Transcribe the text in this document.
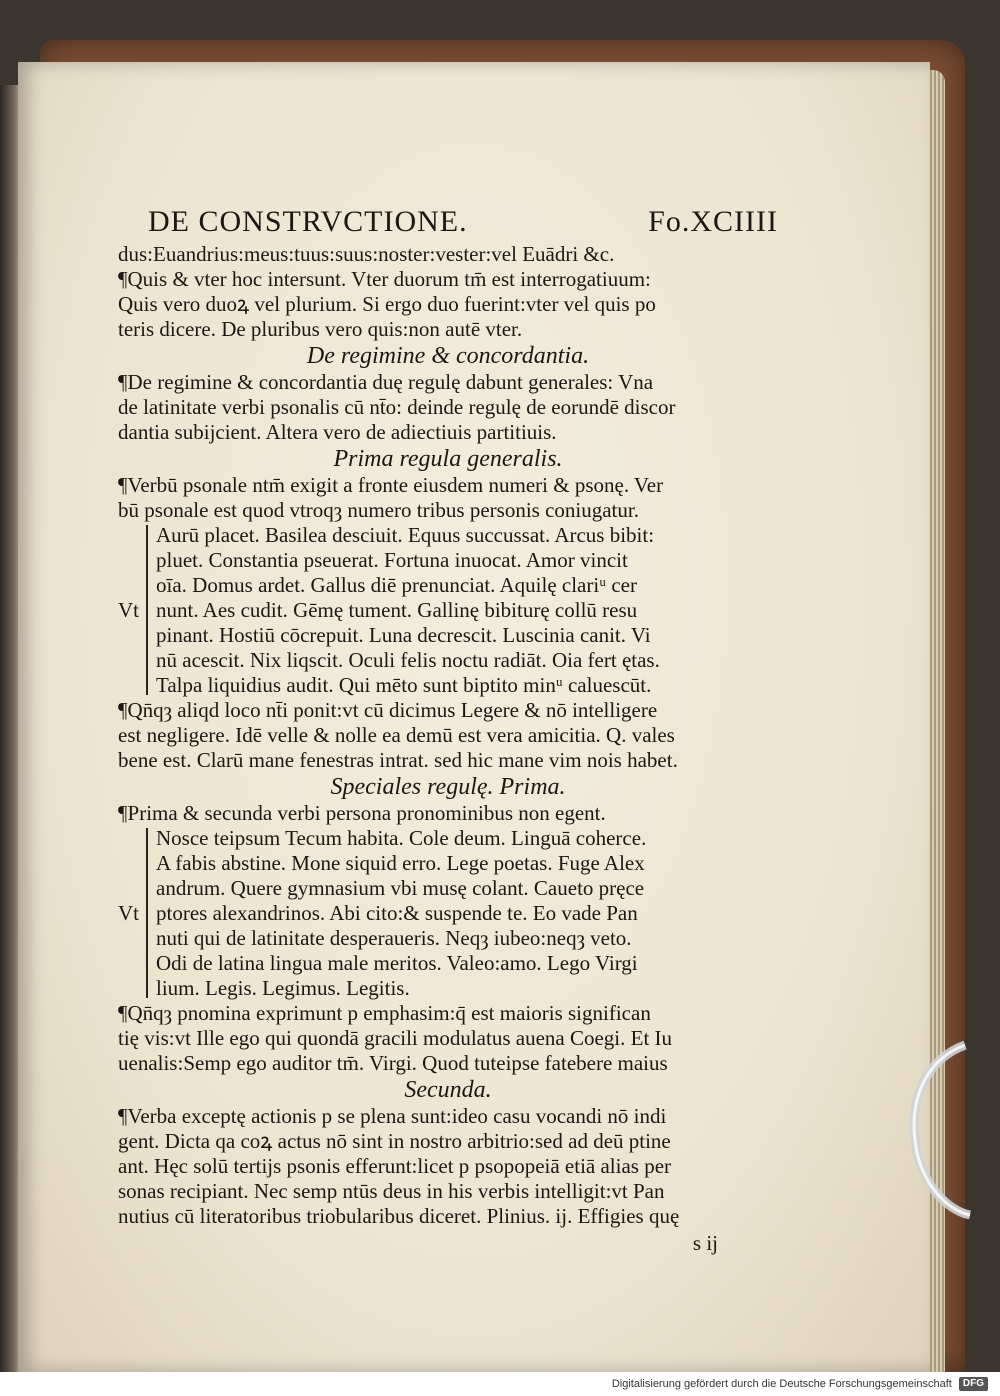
DE CONSTRVCTIONE.	Fo.XCIIII
dus:Euandrius:meus:tuus:suus:noster:vester:vel Euādri &c.
¶Quis & vter hoc intersunt. Vter duorum tm̄ est interrogatiuum:
Quis vero duoꝝ vel plurium. Si ergo duo fuerint:vter vel quis po
teris dicere. De pluribus vero quis:non autē vter.
De regimine & concordantia.
¶De regimine & concordantia duę regulę dabunt generales: Vna
de latinitate verbi psonalis cū nt̄o: deinde regulę de eorundē discor
dantia subijcient. Altera vero de adiectiuis partitiuis.
Prima regula generalis.
¶Verbū psonale ntm̄ exigit a fronte eiusdem numeri & psonę. Ver
bū psonale est quod vtroqȝ numero tribus personis coniugatur.
Aurū placet. Basilea desciuit. Equus succussat. Arcus bibit:
pluet. Constantia pseuerat. Fortuna inuocat. Amor vincit
oīa. Domus ardet. Gallus diē prenunciat. Aquilę clariᵘ cer
Vt nunt. Aes cudit. Gēmę tument. Gallinę bibiturę collū resu
pinant. Hostiū cōcrepuit. Luna decrescit. Luscinia canit. Vi
nū acescit. Nix liqscit. Oculi felis noctu radiāt. Oia fert ętas.
Talpa liquidius audit. Qui mēto sunt biptito minᵘ caluescūt.
¶Qn̄qȝ aliqd loco nt̄i ponit:vt cū dicimus Legere & nō intelligere
est negligere. Idē velle & nolle ea demū est vera amicitia. Q. vales
bene est. Clarū mane fenestras intrat. sed hic mane vim nois habet.
Speciales regulę. Prima.
¶Prima & secunda verbi persona pronominibus non egent.
Nosce teipsum Tecum habita. Cole deum. Linguā coherce.
A fabis abstine. Mone siquid erro. Lege poetas. Fuge Alex
andrum. Quere gymnasium vbi musę colant. Caueto pręce
Vt ptores alexandrinos. Abi cito:& suspende te. Eo vade Pan
nuti qui de latinitate desperaueris. Neqȝ iubeo:neqȝ veto.
Odi de latina lingua male meritos. Valeo:amo. Lego Virgi
lium. Legis. Legimus. Legitis.
¶Qn̄qȝ pnomina exprimunt p emphasim:q̄ est maioris significan
tię vis:vt Ille ego qui quondā gracili modulatus auena Coegi. Et Iu
uenalis:Semp ego auditor tm̄. Virgi. Quod tuteipse fatebere maius
Secunda.
¶Verba exceptę actionis p se plena sunt:ideo casu vocandi nō indi
gent. Dicta qa coꝝ actus nō sint in nostro arbitrio:sed ad deū ptine
ant. Hęc solū tertijs psonis efferunt:licet p psopopeiā etiā alias per
sonas recipiant. Nec semp ntūs deus in his verbis intelligit:vt Pan
nutius cū literatoribus triobularibus diceret. Plinius. ij. Effigies quę
s ij
Digitalisierung gefördert durch die Deutsche Forschungsgemeinschaft DFG
